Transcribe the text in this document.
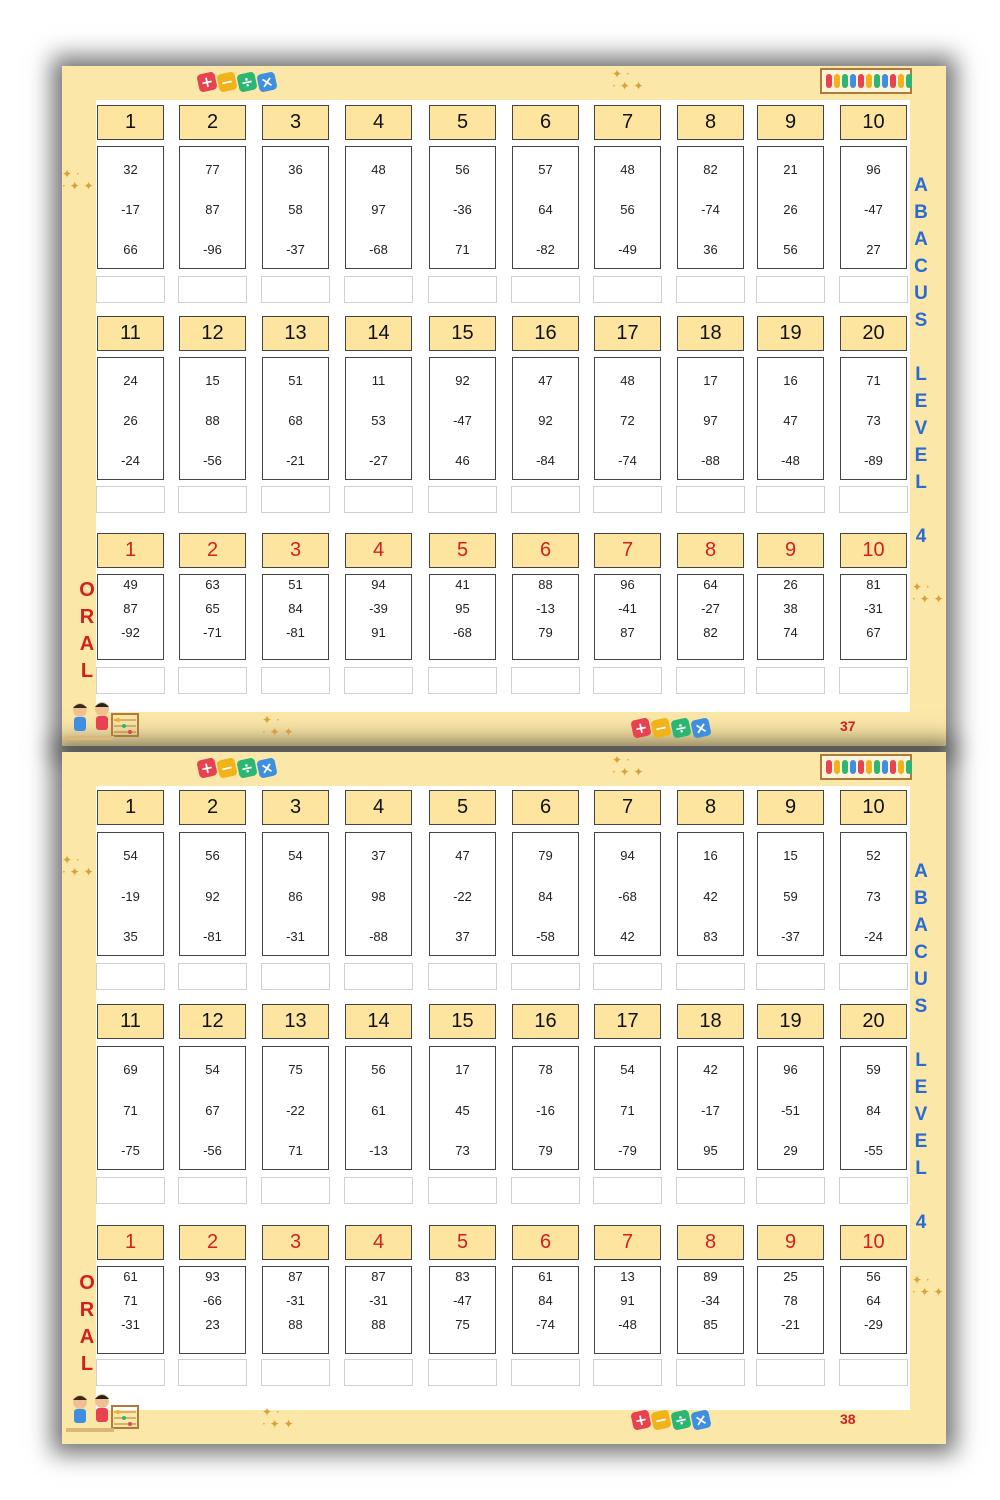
1
32
-17
66
2
77
87
-96
3
36
58
-37
4
48
97
-68
5
56
-36
71
6
57
64
-82
7
48
56
-49
8
82
-74
36
9
21
26
56
10
96
-47
27
11
24
26
-24
12
15
88
-56
13
51
68
-21
14
11
53
-27
15
92
-47
46
16
47
92
-84
17
48
72
-74
18
17
97
-88
19
16
47
-48
20
71
73
-89
1
49
87
-92
2
63
65
-71
3
51
84
-81
4
94
-39
91
5
41
95
-68
6
88
-13
79
7
96
-41
87
8
64
-27
82
9
26
38
74
10
81
-31
67
A
B
A
C
U
S
L
E
V
E
L
4
O
R
A
L
37
+ − ÷ ×
+ − ÷ ×
✦ ·
· ✦ ✦
✦ ·
· ✦ ✦
✦ ·
· ✦ ✦
✦ ·
· ✦ ✦
1
54
-19
35
2
56
92
-81
3
54
86
-31
4
37
98
-88
5
47
-22
37
6
79
84
-58
7
94
-68
42
8
16
42
83
9
15
59
-37
10
52
73
-24
11
69
71
-75
12
54
67
-56
13
75
-22
71
14
56
61
-13
15
17
45
73
16
78
-16
79
17
54
71
-79
18
42
-17
95
19
96
-51
29
20
59
84
-55
1
61
71
-31
2
93
-66
23
3
87
-31
88
4
87
-31
88
5
83
-47
75
6
61
84
-74
7
13
91
-48
8
89
-34
85
9
25
78
-21
10
56
64
-29
A
B
A
C
U
S
L
E
V
E
L
4
O
R
A
L
38
+ − ÷ ×
+ − ÷ ×
✦ ·
· ✦ ✦
✦ ·
· ✦ ✦
✦ ·
· ✦ ✦
✦ ·
· ✦ ✦
